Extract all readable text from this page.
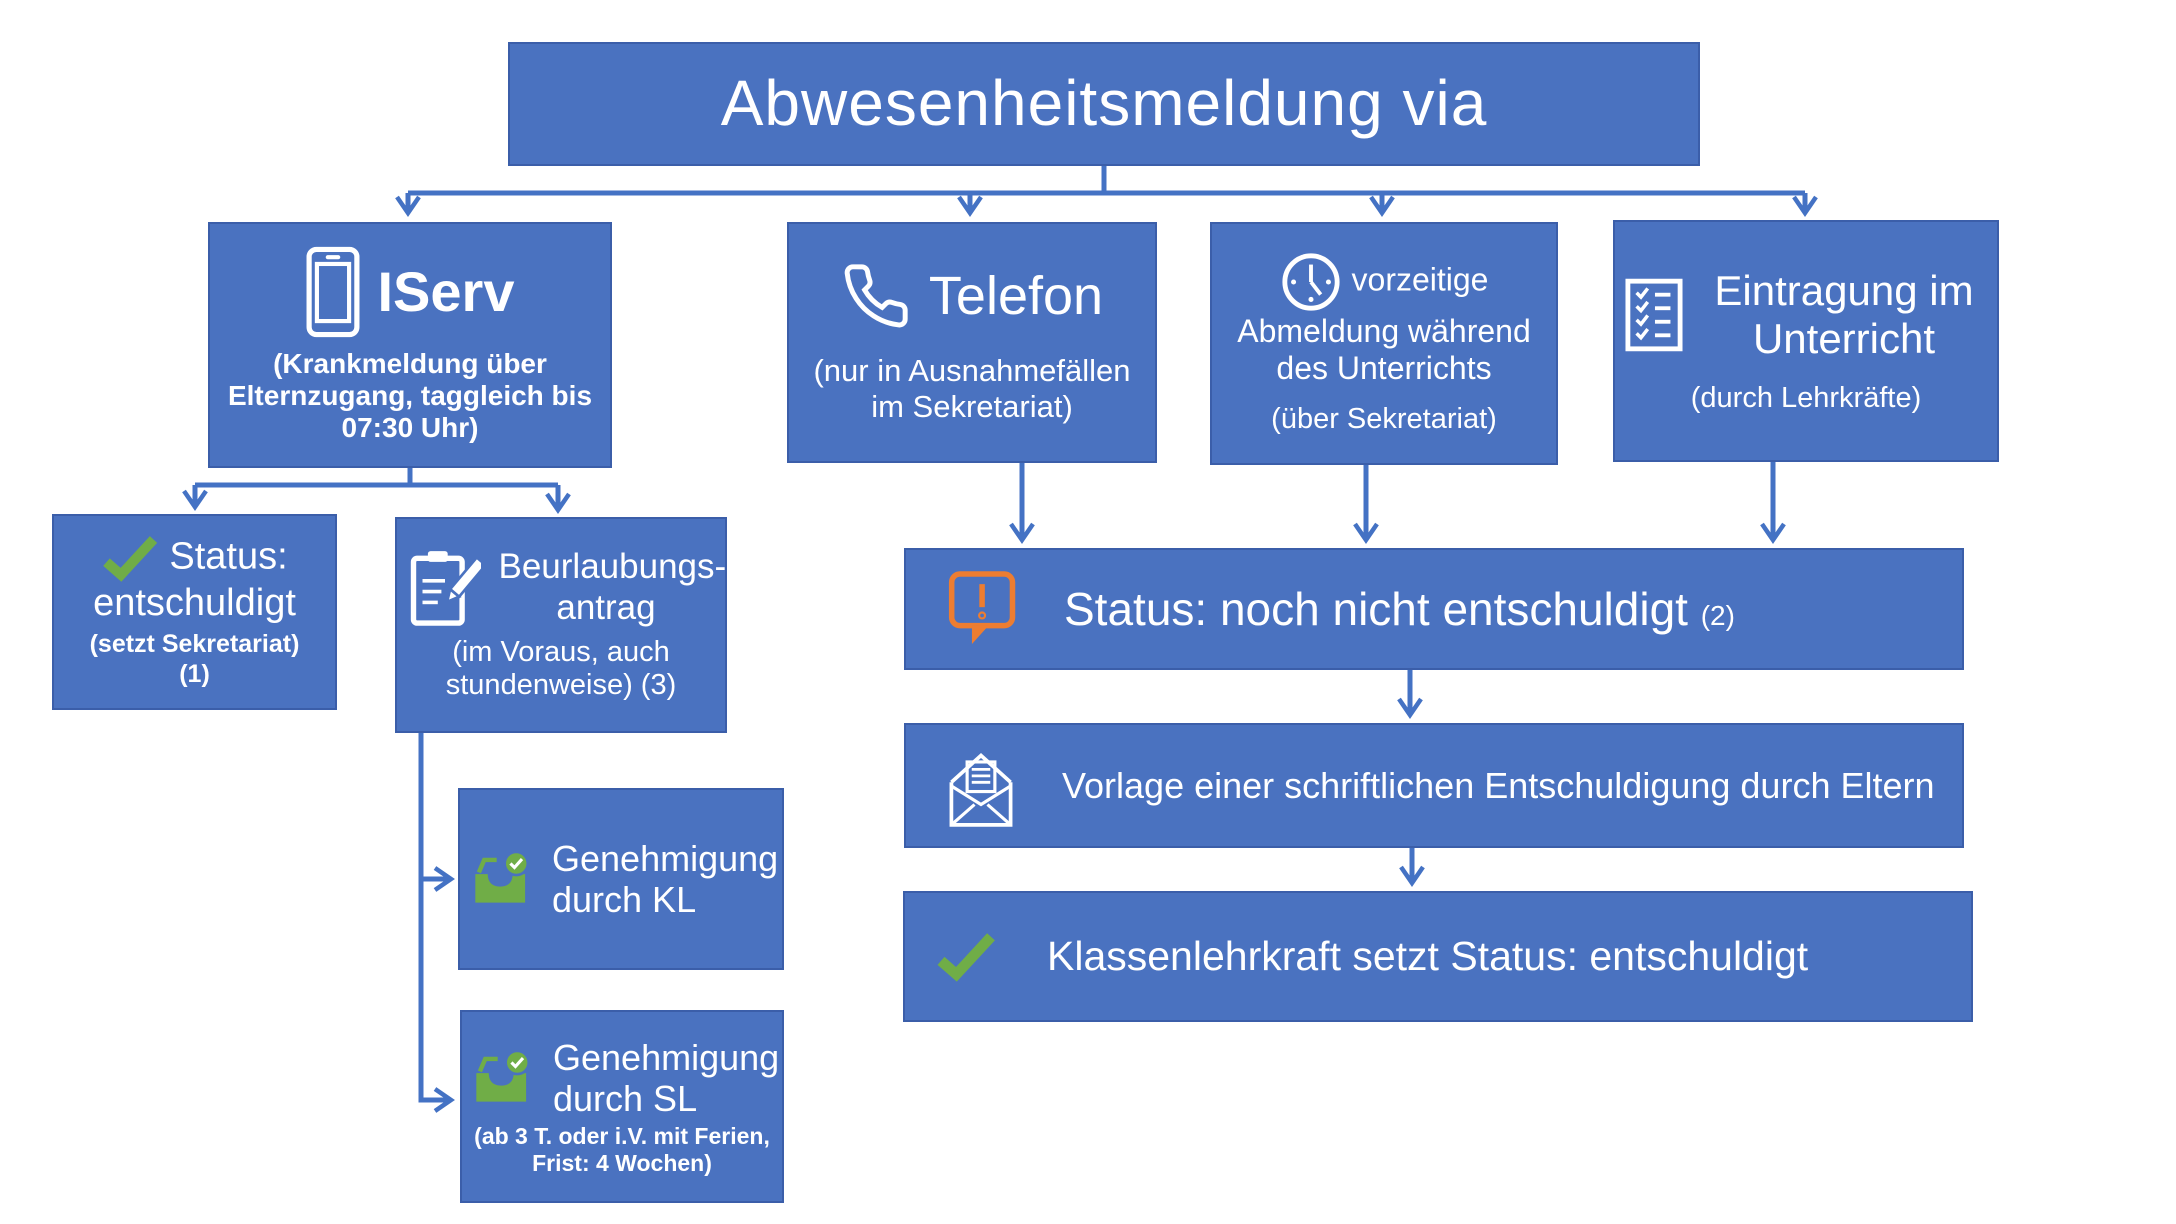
Abwesenheitsmeldung via
IServ
(Krankmeldung über Elternzugang, taggleich bis 07:30 Uhr)
Telefon
(nur in Ausnahmefällen im Sekretariat)
vorzeitige Abmeldung während des Unterrichts
(über Sekretariat)
Eintragung im Unterricht
(durch Lehrkräfte)
Status: entschuldigt
(setzt Sekretariat)
(1)
Beurlaubungs-antrag
(im Voraus, auch stundenweise) (3)
Genehmigung durch KL
Genehmigung durch SL
(ab 3 T. oder i.V. mit Ferien, Frist: 4 Wochen)
Status: noch nicht entschuldigt (2)
Vorlage einer schriftlichen Entschuldigung durch Eltern
Klassenlehrkraft setzt Status: entschuldigt
